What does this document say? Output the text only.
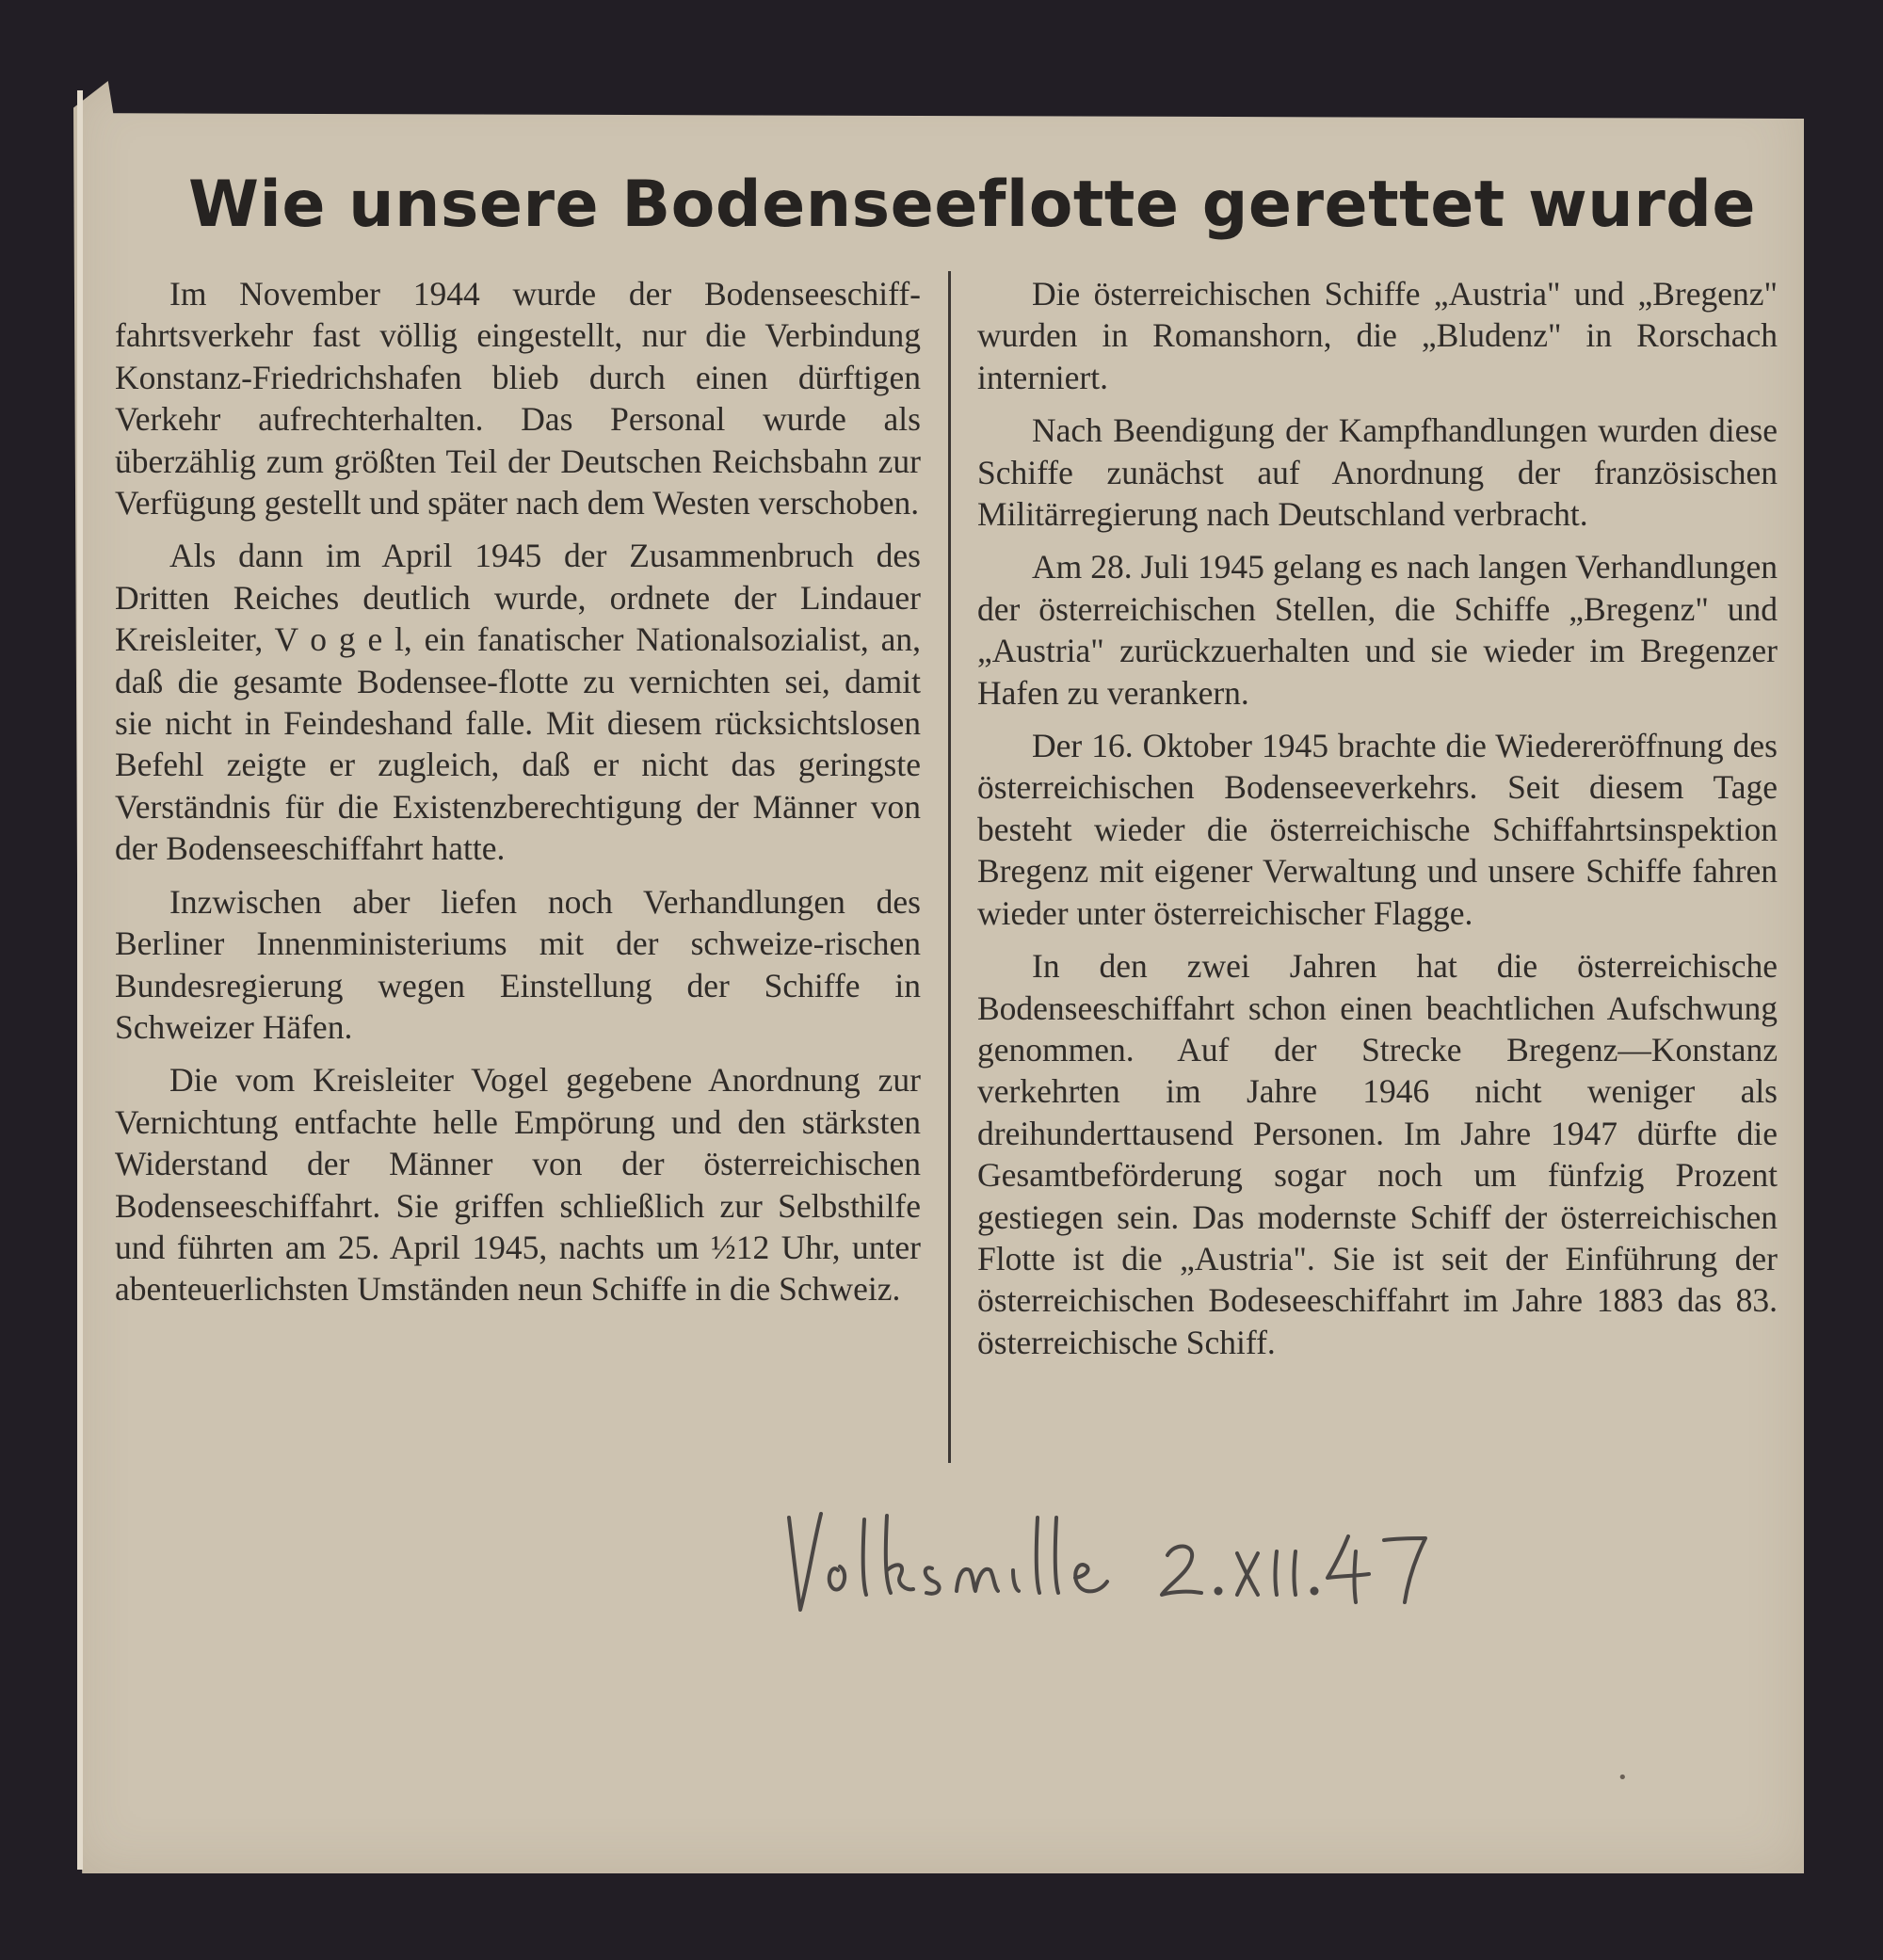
Wie unsere Bodenseeflotte gerettet wurde

Im November 1944 wurde der Bodenseeschiff-fahrtsverkehr fast völlig eingestellt, nur die Verbindung Konstanz-Friedrichshafen blieb durch einen dürftigen Verkehr aufrechterhalten. Das Personal wurde als überzählig zum größten Teil der Deutschen Reichsbahn zur Verfügung gestellt und später nach dem Westen verschoben.

Als dann im April 1945 der Zusammenbruch des Dritten Reiches deutlich wurde, ordnete der Lindauer Kreisleiter, V o g e l, ein fanatischer Nationalsozialist, an, daß die gesamte Bodensee-flotte zu vernichten sei, damit sie nicht in Feindeshand falle. Mit diesem rücksichtslosen Befehl zeigte er zugleich, daß er nicht das geringste Verständnis für die Existenzberechtigung der Männer von der Bodenseeschiffahrt hatte.

Inzwischen aber liefen noch Verhandlungen des Berliner Innenministeriums mit der schweize-rischen Bundesregierung wegen Einstellung der Schiffe in Schweizer Häfen.

Die vom Kreisleiter Vogel gegebene Anordnung zur Vernichtung entfachte helle Empörung und den stärksten Widerstand der Männer von der österreichischen Bodenseeschiffahrt. Sie griffen schließlich zur Selbsthilfe und führten am 25. April 1945, nachts um ½12 Uhr, unter abenteuerlichsten Umständen neun Schiffe in die Schweiz.

Die österreichischen Schiffe „Austria" und „Bregenz" wurden in Romanshorn, die „Bludenz" in Rorschach interniert.

Nach Beendigung der Kampfhandlungen wurden diese Schiffe zunächst auf Anordnung der französischen Militärregierung nach Deutschland verbracht.

Am 28. Juli 1945 gelang es nach langen Verhandlungen der österreichischen Stellen, die Schiffe „Bregenz" und „Austria" zurückzuerhalten und sie wieder im Bregenzer Hafen zu verankern.

Der 16. Oktober 1945 brachte die Wiedereröffnung des österreichischen Bodenseeverkehrs. Seit diesem Tage besteht wieder die österreichische Schiffahrtsinspektion Bregenz mit eigener Verwaltung und unsere Schiffe fahren wieder unter österreichischer Flagge.

In den zwei Jahren hat die österreichische Bodenseeschiffahrt schon einen beachtlichen Aufschwung genommen. Auf der Strecke Bregenz—Konstanz verkehrten im Jahre 1946 nicht weniger als dreihunderttausend Personen. Im Jahre 1947 dürfte die Gesamtbeförderung sogar noch um fünfzig Prozent gestiegen sein. Das modernste Schiff der österreichischen Flotte ist die „Austria". Sie ist seit der Einführung der österreichischen Bodeseeschiffahrt im Jahre 1883 das 83. österreichische Schiff.

•
